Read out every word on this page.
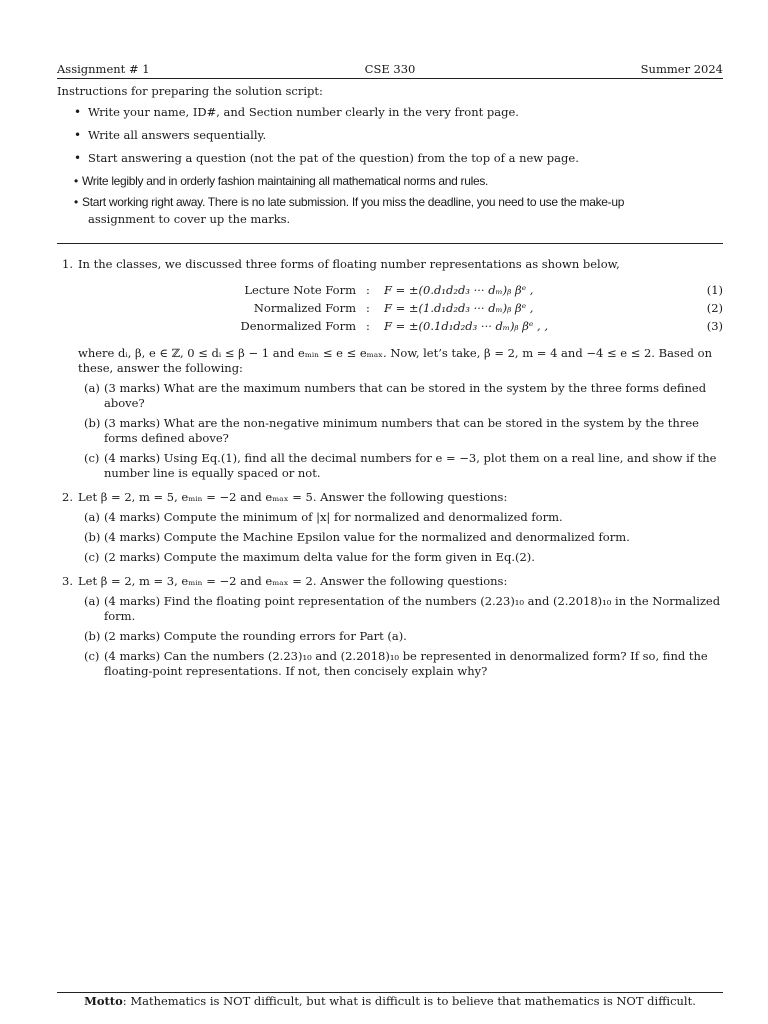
Assignment # 1	CSE 330	Summer 2024

Instructions for preparing the solution script:

• Write your name, ID#, and Section number clearly in the very front page.
• Write all answers sequentially.
• Start answering a question (not the pat of the question) from the top of a new page.
• Write legibly and in orderly fashion maintaining all mathematical norms and rules.
• Start working right away. There is no late submission. If you miss the deadline, you need to use the make-up
assignment to cover up the marks.
1. In the classes, we discussed three forms of floating number representations as shown below,

Lecture Note Form : F = ±(0.d₁d₂d₃ ··· dₘ)ᵦ βᵉ ,	(1)
Normalized Form : F = ±(1.d₁d₂d₃ ··· dₘ)ᵦ βᵉ ,	(2)
Denormalized Form : F = ±(0.1d₁d₂d₃ ··· dₘ)ᵦ βᵉ , ,	(3)

where dᵢ, β, e ∈ ℤ, 0 ≤ dᵢ ≤ β − 1 and eₘᵢₙ ≤ e ≤ eₘₐₓ. Now, let’s take, β = 2, m = 4 and −4 ≤ e ≤ 2. Based on these, answer the following:

(a) (3 marks) What are the maximum numbers that can be stored in the system by the three forms defined above?
(b) (3 marks) What are the non-negative minimum numbers that can be stored in the system by the three forms defined above?
(c) (4 marks) Using Eq.(1), find all the decimal numbers for e = −3, plot them on a real line, and show if the number line is equally spaced or not.
2. Let β = 2, m = 5, eₘᵢₙ = −2 and eₘₐₓ = 5. Answer the following questions:

(a) (4 marks) Compute the minimum of |x| for normalized and denormalized form.
(b) (4 marks) Compute the Machine Epsilon value for the normalized and denormalized form.
(c) (2 marks) Compute the maximum delta value for the form given in Eq.(2).
3. Let β = 2, m = 3, eₘᵢₙ = −2 and eₘₐₓ = 2. Answer the following questions:

(a) (4 marks) Find the floating point representation of the numbers (2.23)₁₀ and (2.2018)₁₀ in the Normalized form.
(b) (2 marks) Compute the rounding errors for Part (a).
(c) (4 marks) Can the numbers (2.23)₁₀ and (2.2018)₁₀ be represented in denormalized form? If so, find the floating-point representations. If not, then concisely explain why?
Motto: Mathematics is NOT difficult, but what is difficult is to believe that mathematics is NOT difficult.
